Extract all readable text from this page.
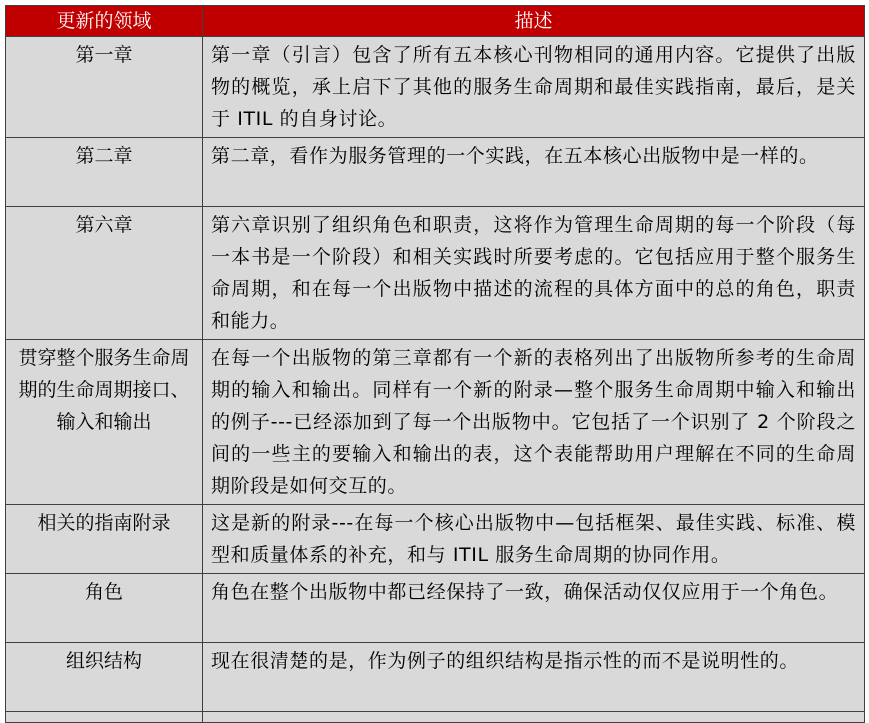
更新的领域	描述
第一章	第一章（引言）包含了所有五本核心刊物相同的通用内容。它提供了出版物的概览，承上启下了其他的服务生命周期和最佳实践指南，最后，是关于 ITIL 的自身讨论。
第二章	第二章，看作为服务管理的一个实践，在五本核心出版物中是一样的。
第六章	第六章识别了组织角色和职责，这将作为管理生命周期的每一个阶段（每一本书是一个阶段）和相关实践时所要考虑的。它包括应用于整个服务生命周期，和在每一个出版物中描述的流程的具体方面中的总的角色，职责和能力。
贯穿整个服务生命周期的生命周期接口、输入和输出	在每一个出版物的第三章都有一个新的表格列出了出版物所参考的生命周期的输入和输出。同样有一个新的附录—整个服务生命周期中输入和输出的例子---已经添加到了每一个出版物中。它包括了一个识别了 2 个阶段之间的一些主的要输入和输出的表，这个表能帮助用户理解在不同的生命周期阶段是如何交互的。
相关的指南附录	这是新的附录---在每一个核心出版物中—包括框架、最佳实践、标准、模型和质量体系的补充，和与 ITIL 服务生命周期的协同作用。
角色	角色在整个出版物中都已经保持了一致，确保活动仅仅应用于一个角色。
组织结构	现在很清楚的是，作为例子的组织结构是指示性的而不是说明性的。
